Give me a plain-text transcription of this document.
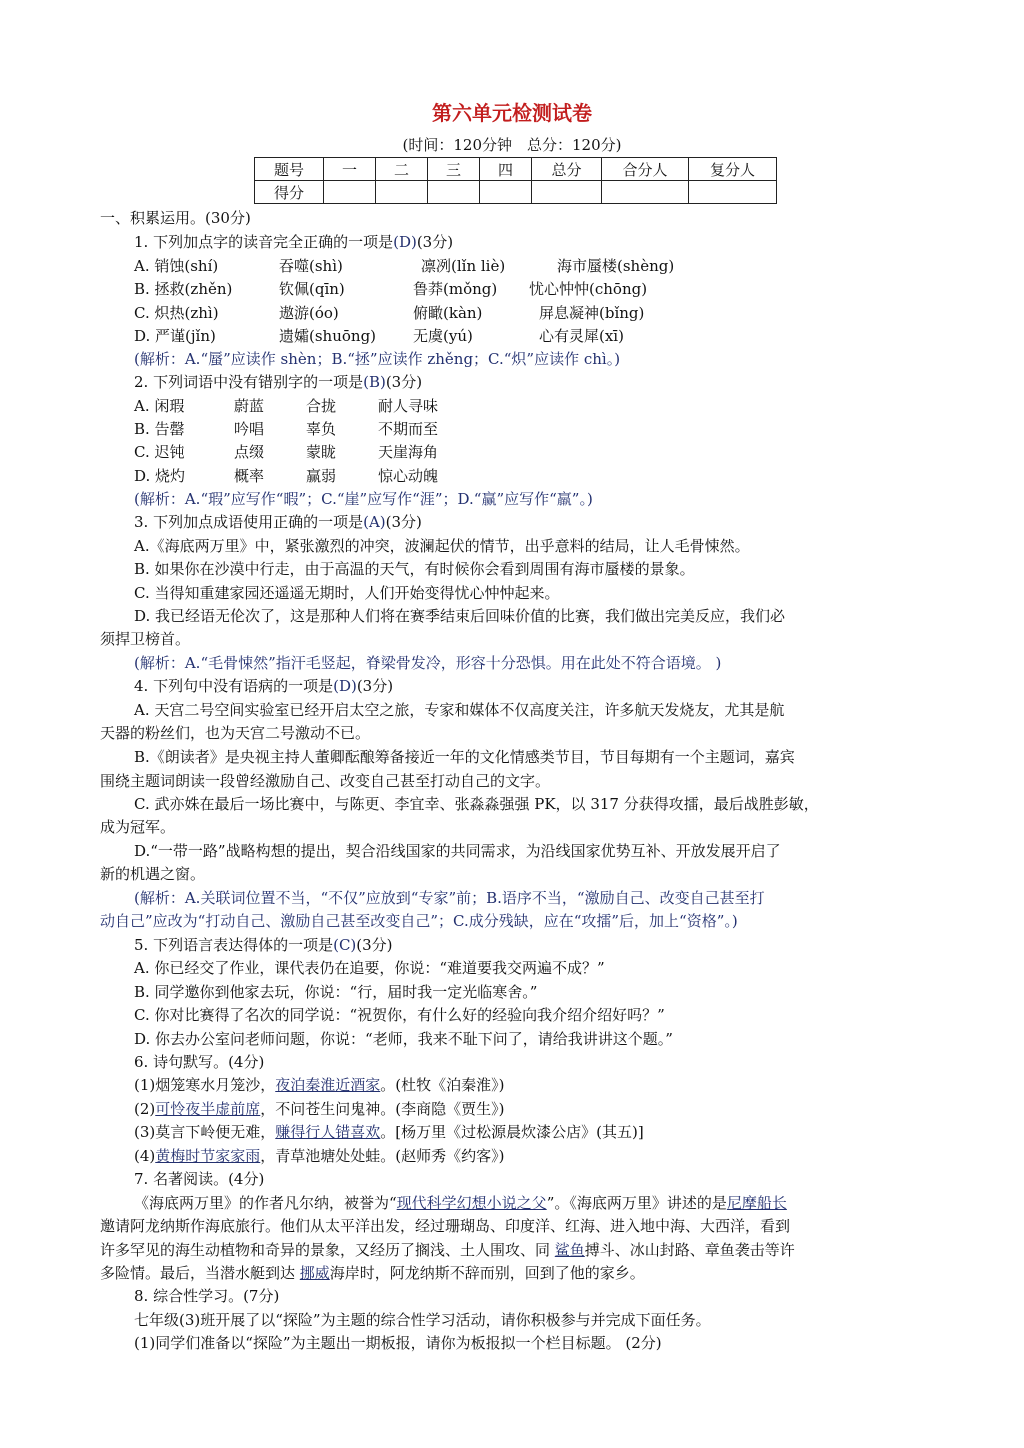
第六单元检测试卷
(时间：120分钟　总分：120分)
题号	一	二	三	四	总分	合分人	复分人
得分							
一、积累运用。(30分)
1. 下列加点字的读音完全正确的一项是(D)(3分)
A. 销蚀(shí)	吞噬(shì)	凛冽(lǐn liè)	海市蜃楼(shèng)
B. 拯救(zhěn)	钦佩(qīn)	鲁莽(mǒng) 忧心忡忡(chōng)
C. 炽热(zhì)	遨游(óo)	俯瞰(kàn)	屏息凝神(bǐng)
D. 严谨(jǐn)	遗孀(shuōng) 无虞(yú)	心有灵犀(xī)
(解析：A.“蜃”应读作 shèn；B.“拯”应读作 zhěng；C.“炽”应读作 chì。)
2. 下列词语中没有错别字的一项是(B)(3分)
A. 闲瑕	蔚蓝	合拢	耐人寻味
B. 告罄	吟唱	辜负	不期而至
C. 迟钝	点缀	蒙眬	天崖海角
D. 烧灼	概率	赢弱	惊心动魄
(解析：A.“瑕”应写作“暇”；C.“崖”应写作“涯”；D.“赢”应写作“羸”。)
3. 下列加点成语使用正确的一项是(A)(3分)
A.《海底两万里》中，紧张激烈的冲突，波澜起伏的情节，出乎意料的结局，让人毛骨悚然。
B. 如果你在沙漠中行走，由于高温的天气，有时候你会看到周围有海市蜃楼的景象。
C. 当得知重建家园还遥遥无期时，人们开始变得忧心忡忡起来。
D. 我已经语无伦次了，这是那种人们将在赛季结束后回味价值的比赛，我们做出完美反应，我们必
须捍卫榜首。
(解析：A.“毛骨悚然”指汗毛竖起，脊梁骨发冷，形容十分恐惧。用在此处不符合语境。 )
4. 下列句中没有语病的一项是(D)(3分)
A. 天宫二号空间实验室已经开启太空之旅，专家和媒体不仅高度关注，许多航天发烧友，尤其是航
天器的粉丝们，也为天宫二号激动不已。
B.《朗读者》是央视主持人董卿酝酿筹备接近一年的文化情感类节目，节目每期有一个主题词，嘉宾
围绕主题词朗读一段曾经激励自己、改变自己甚至打动自己的文字。
C. 武亦姝在最后一场比赛中，与陈更、李宜幸、张淼淼强强 PK，以 317 分获得攻擂，最后战胜彭敏，
成为冠军。
D.“一带一路”战略构想的提出，契合沿线国家的共同需求，为沿线国家优势互补、开放发展开启了
新的机遇之窗。
(解析：A.关联词位置不当，“不仅”应放到“专家”前；B.语序不当，“激励自己、改变自己甚至打
动自己”应改为“打动自己、激励自己甚至改变自己”；C.成分残缺，应在“攻擂”后，加上“资格”。)
5. 下列语言表达得体的一项是(C)(3分)
A. 你已经交了作业，课代表仍在追要，你说：“难道要我交两遍不成？”
B. 同学邀你到他家去玩，你说：“行，届时我一定光临寒舍。”
C. 你对比赛得了名次的同学说：“祝贺你，有什么好的经验向我介绍介绍好吗？”
D. 你去办公室问老师问题，你说：“老师，我来不耻下问了，请给我讲讲这个题。”
6. 诗句默写。(4分)
(1)烟笼寒水月笼沙，夜泊秦淮近酒家。(杜牧《泊秦淮》)
(2)可怜夜半虚前席，不问苍生问鬼神。(李商隐《贾生》)
(3)莫言下岭便无难，赚得行人错喜欢。[杨万里《过松源晨炊漆公店》(其五)]
(4)黄梅时节家家雨，青草池塘处处蛙。(赵师秀《约客》)
7. 名著阅读。(4分)
《海底两万里》的作者凡尔纳，被誉为“现代科学幻想小说之父”。《海底两万里》讲述的是尼摩船长
邀请阿龙纳斯作海底旅行。他们从太平洋出发，经过珊瑚岛、印度洋、红海、进入地中海、大西洋，看到
许多罕见的海生动植物和奇异的景象，又经历了搁浅、土人围攻、同 鲨鱼搏斗、冰山封路、章鱼袭击等许
多险情。最后，当潜水艇到达 挪威海岸时，阿龙纳斯不辞而别，回到了他的家乡。
8. 综合性学习。(7分)
七年级(3)班开展了以“探险”为主题的综合性学习活动，请你积极参与并完成下面任务。
(1)同学们准备以“探险”为主题出一期板报，请你为板报拟一个栏目标题。 (2分)
